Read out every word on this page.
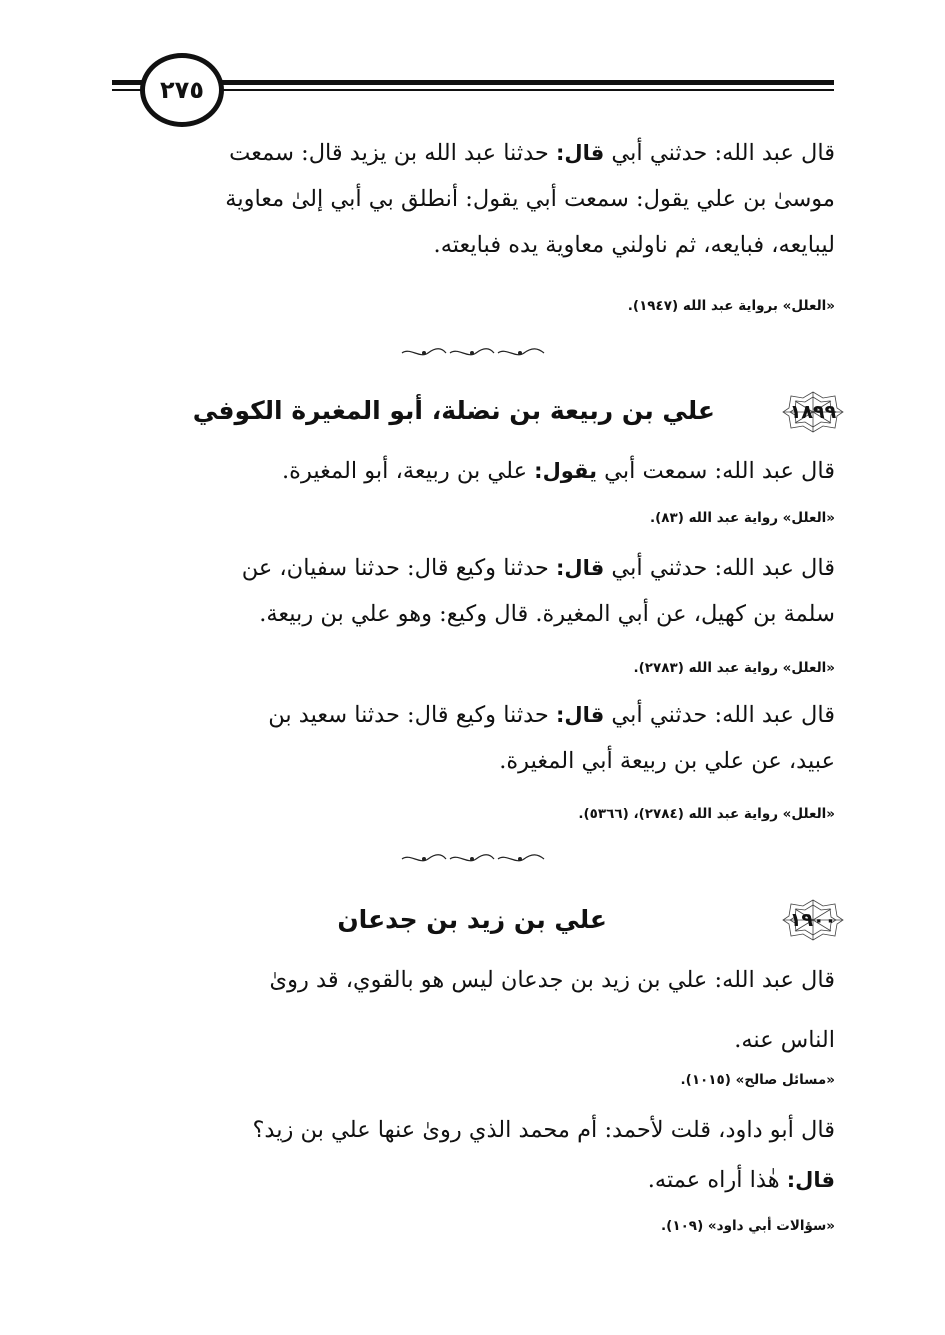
٢٧٥
قال عبد الله: حدثني أبي قال: حدثنا عبد الله بن يزيد قال: سمعت
موسىٰ بن علي يقول: سمعت أبي يقول: أنطلق بي أبي إلىٰ معاوية
ليبايعه، فبايعه، ثم ناولني معاوية يده فبايعته.
«العلل» برواية عبد الله (١٩٤٧).
١٨٩٩
علي بن ربيعة بن نضلة، أبو المغيرة الكوفي
قال عبد الله: سمعت أبي يقول: علي بن ربيعة، أبو المغيرة.
«العلل» رواية عبد الله (٨٣).
قال عبد الله: حدثني أبي قال: حدثنا وكيع قال: حدثنا سفيان، عن
سلمة بن كهيل، عن أبي المغيرة. قال وكيع: وهو علي بن ربيعة.
«العلل» رواية عبد الله (٢٧٨٣).
قال عبد الله: حدثني أبي قال: حدثنا وكيع قال: حدثنا سعيد بن
عبيد، عن علي بن ربيعة أبي المغيرة.
«العلل» رواية عبد الله (٢٧٨٤)، (٥٣٦٦).
١٩٠٠
علي بن زيد بن جدعان
قال عبد الله: علي بن زيد بن جدعان ليس هو بالقوي، قد روىٰ
الناس عنه.
«مسائل صالح» (١٠١٥).
قال أبو داود، قلت لأحمد: أم محمد الذي روىٰ عنها علي بن زيد؟
قال: هٰذا أراه عمته.
«سؤالات أبي داود» (١٠٩).
